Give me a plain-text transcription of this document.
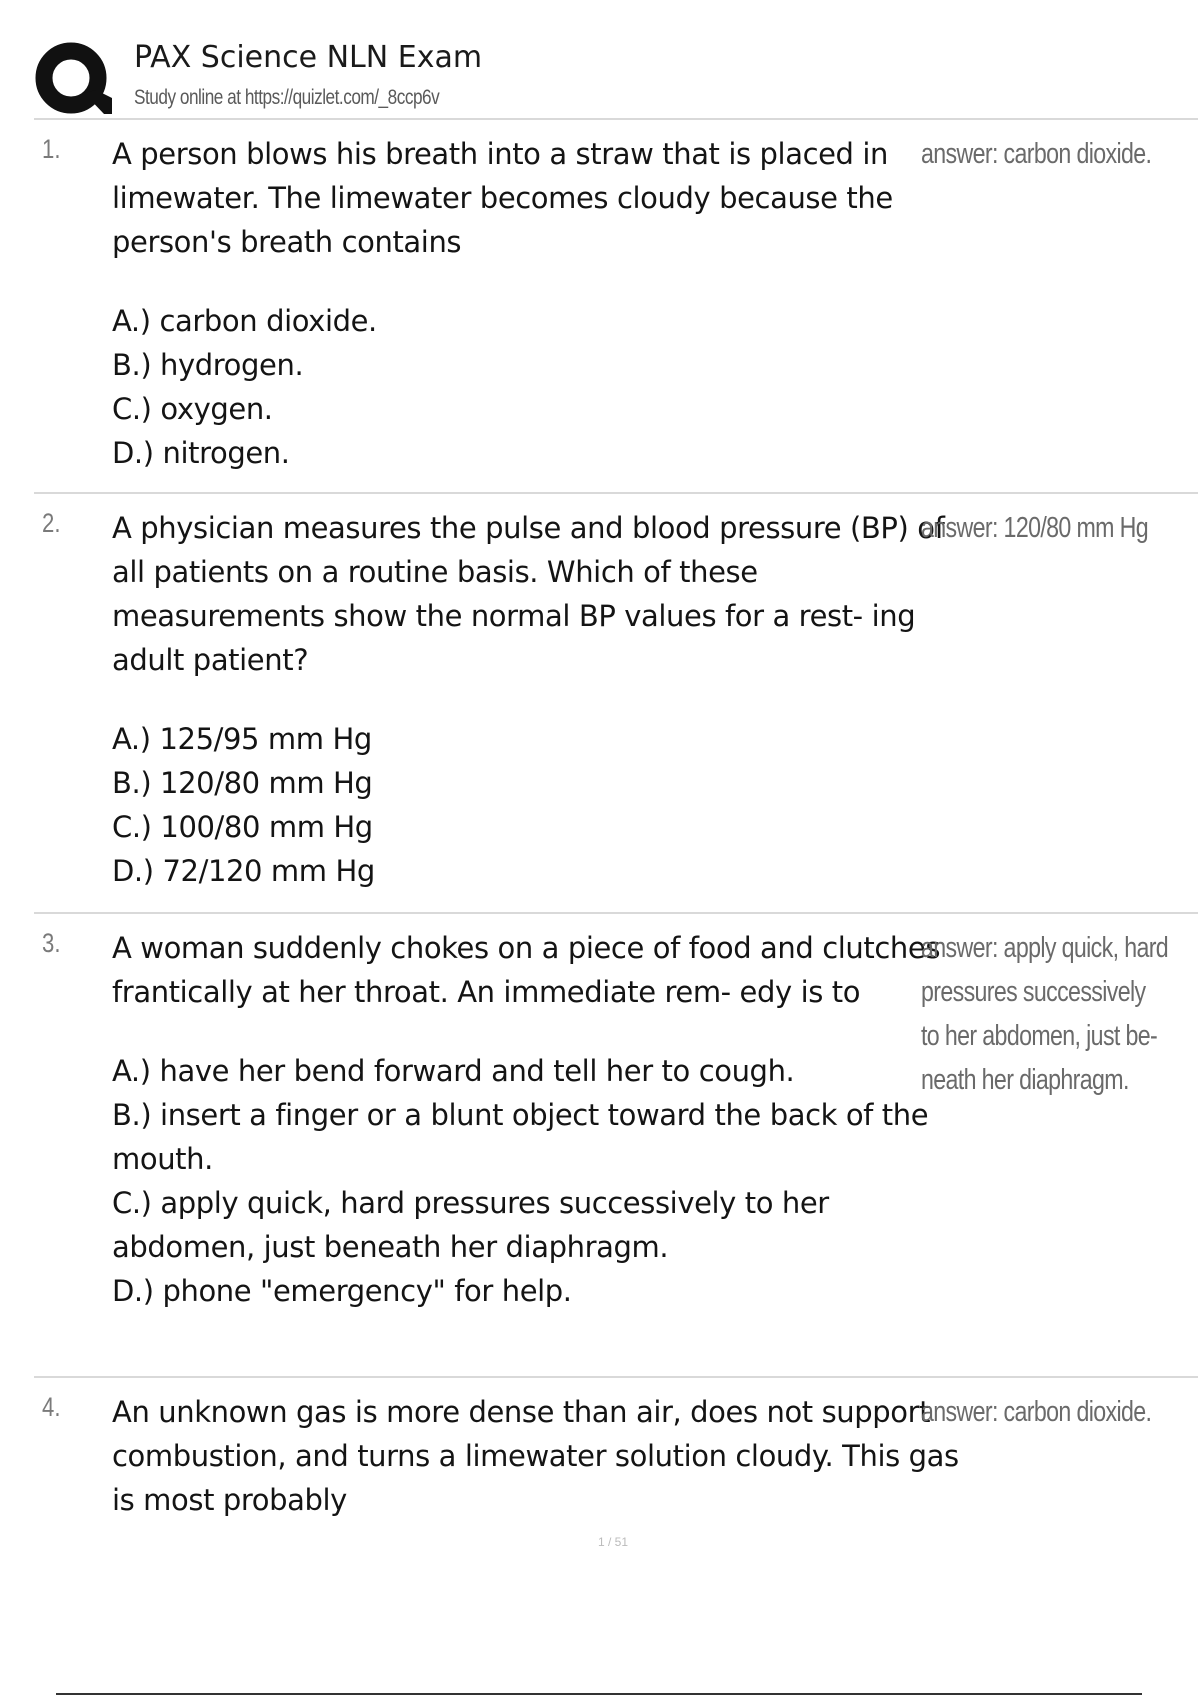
PAX Science NLN Exam
Study online at https://quizlet.com/_8ccp6v
1. A person blows his breath into a straw that is placed in limewater. The limewater becomes cloudy because the person's breath contains

A.) carbon dioxide.
B.) hydrogen.
C.) oxygen.
D.) nitrogen.
answer: carbon dioxide.
2. A physician measures the pulse and blood pressure (BP) of all patients on a routine basis. Which of these measurements show the normal BP values for a rest- ing adult patient?

A.) 125/95 mm Hg
B.) 120/80 mm Hg
C.) 100/80 mm Hg
D.) 72/120 mm Hg
answer: 120/80 mm Hg
3. A woman suddenly chokes on a piece of food and clutches frantically at her throat. An immediate rem- edy is to

A.) have her bend forward and tell her to cough.
B.) insert a finger or a blunt object toward the back of the mouth.
C.) apply quick, hard pressures successively to her abdomen, just beneath her diaphragm.
D.) phone "emergency" for help.
answer: apply quick, hard pressures successively to her abdomen, just be- neath her diaphragm.
4. An unknown gas is more dense than air, does not support combustion, and turns a limewater solution cloudy. This gas is most probably

answer: carbon dioxide.
1 / 51
